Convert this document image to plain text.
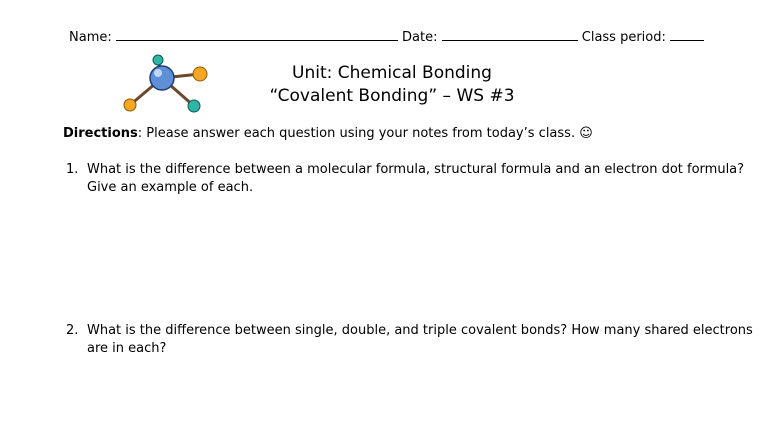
Name:	Date:	Class period:
Unit: Chemical Bonding
“Covalent Bonding” – WS #3
Directions: Please answer each question using your notes from today’s class. ☺
1. What is the difference between a molecular formula, structural formula and an electron dot formula? Give an example of each.
2. What is the difference between single, double, and triple covalent bonds? How many shared electrons are in each?
